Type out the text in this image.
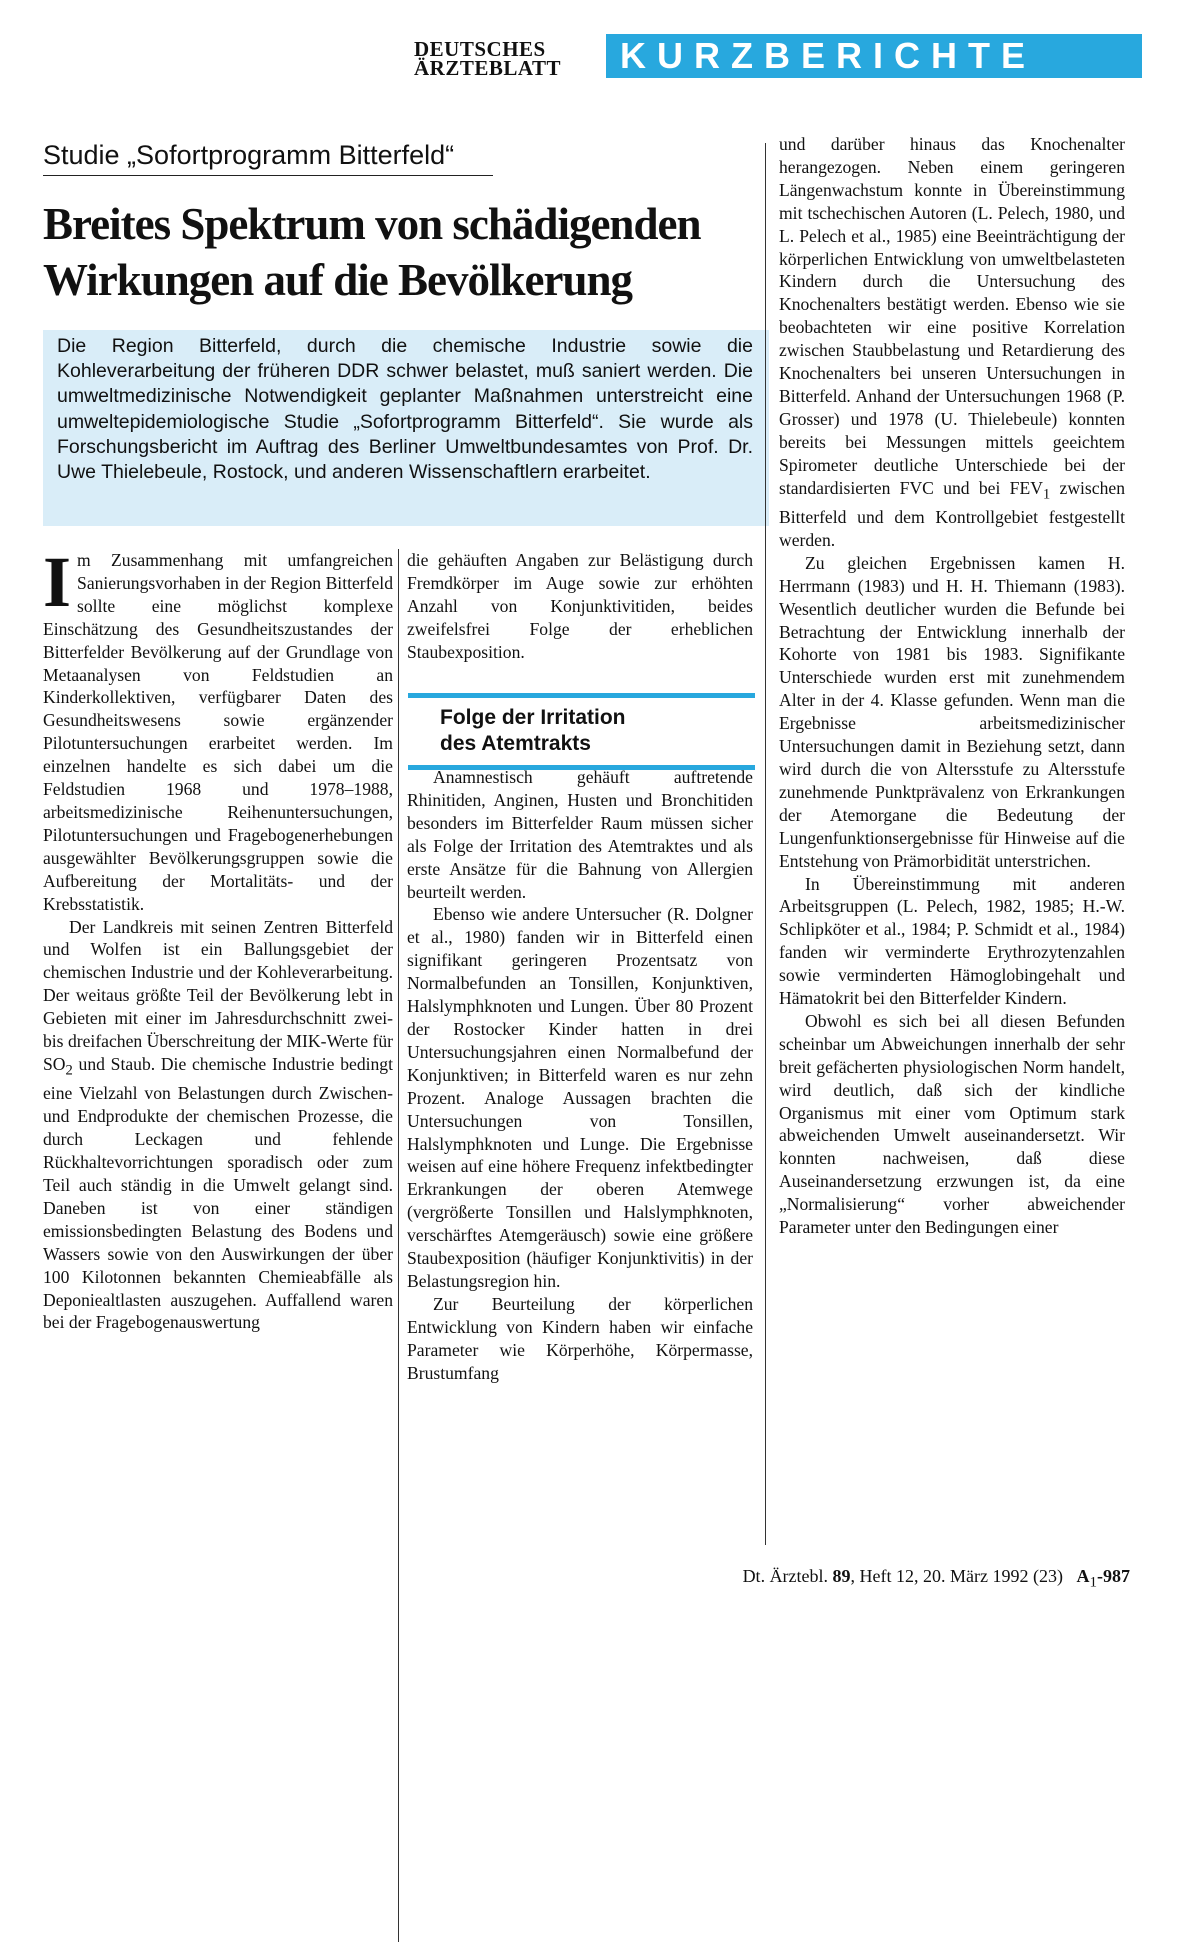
DEUTSCHES
ÄRZTEBLATT	KURZBERICHTE
Studie „Sofortprogramm Bitterfeld“
Breites Spektrum von schädigenden
Wirkungen auf die Bevölkerung
Die Region Bitterfeld, durch die chemische Industrie sowie die Kohleverarbeitung der früheren DDR schwer belastet, muß saniert werden. Die umweltmedizinische Notwendigkeit geplanter Maßnahmen unterstreicht eine umweltepidemiologische Studie „Sofortprogramm Bitterfeld“. Sie wurde als Forschungsbericht im Auftrag des Berliner Umweltbundesamtes von Prof. Dr. Uwe Thielebeule, Rostock, und anderen Wissenschaftlern erarbeitet.

Im Zusammenhang mit umfangreichen Sanierungsvorhaben in der Region Bitterfeld sollte eine möglichst komplexe Einschätzung des Gesundheitszustandes der Bitterfelder Bevölkerung auf der Grundlage von Metaanalysen von Feldstudien an Kinderkollektiven, verfügbarer Daten des Gesundheitswesens sowie ergänzender Pilotuntersuchungen erarbeitet werden. Im einzelnen handelte es sich dabei um die Feldstudien 1968 und 1978–1988, arbeitsmedizinische Reihenuntersuchungen, Pilotuntersuchungen und Fragebogenerhebungen ausgewählter Bevölkerungsgruppen sowie die Aufbereitung der Mortalitäts- und der Krebsstatistik.

Der Landkreis mit seinen Zentren Bitterfeld und Wolfen ist ein Ballungsgebiet der chemischen Industrie und der Kohleverarbeitung. Der weitaus größte Teil der Bevölkerung lebt in Gebieten mit einer im Jahresdurchschnitt zwei- bis dreifachen Überschreitung der MIK-Werte für $SO_2$ und Staub. Die chemische Industrie bedingt eine Vielzahl von Belastungen durch Zwischen- und Endprodukte der chemischen Prozesse, die durch Leckagen und fehlende Rückhaltevorrichtungen sporadisch oder zum Teil auch ständig in die Umwelt gelangt sind. Daneben ist von einer ständigen emissionsbedingten Belastung des Bodens und Wassers sowie von den Auswirkungen der über 100 Kilotonnen bekannten Chemieabfälle als Deponiealtlasten auszugehen. Auffallend waren bei der Fragebogenauswertung

die gehäuften Angaben zur Belästigung durch Fremdkörper im Auge sowie zur erhöhten Anzahl von Konjunktivitiden, beides zweifelsfrei Folge der erheblichen Staubexposition.

Folge der Irritation
des Atemtrakts

Anamnestisch gehäuft auftretende Rhinitiden, Anginen, Husten und Bronchitiden besonders im Bitterfelder Raum müssen sicher als Folge der Irritation des Atemtraktes und als erste Ansätze für die Bahnung von Allergien beurteilt werden.

Ebenso wie andere Untersucher (R. Dolgner et al., 1980) fanden wir in Bitterfeld einen signifikant geringeren Prozentsatz von Normalbefunden an Tonsillen, Konjunktiven, Halslymphknoten und Lungen. Über 80 Prozent der Rostocker Kinder hatten in drei Untersuchungsjahren einen Normalbefund der Konjunktiven; in Bitterfeld waren es nur zehn Prozent. Analoge Aussagen brachten die Untersuchungen von Tonsillen, Halslymphknoten und Lunge. Die Ergebnisse weisen auf eine höhere Frequenz infektbedingter Erkrankungen der oberen Atemwege (vergrößerte Tonsillen und Halslymphknoten, verschärftes Atemgeräusch) sowie eine größere Staubexposition (häufiger Konjunktivitis) in der Belastungsregion hin.

Zur Beurteilung der körperlichen Entwicklung von Kindern haben wir einfache Parameter wie Körperhöhe, Körpermasse, Brustumfang

und darüber hinaus das Knochenalter herangezogen. Neben einem geringeren Längenwachstum konnte in Übereinstimmung mit tschechischen Autoren (L. Pelech, 1980, und L. Pelech et al., 1985) eine Beeinträchtigung der körperlichen Entwicklung von umweltbelasteten Kindern durch die Untersuchung des Knochenalters bestätigt werden. Ebenso wie sie beobachteten wir eine positive Korrelation zwischen Staubbelastung und Retardierung des Knochenalters bei unseren Untersuchungen in Bitterfeld. Anhand der Untersuchungen 1968 (P. Grosser) und 1978 (U. Thielebeule) konnten bereits bei Messungen mittels geeichtem Spirometer deutliche Unterschiede bei der standardisierten FVC und bei $FEV_1$ zwischen Bitterfeld und dem Kontrollgebiet festgestellt werden.

Zu gleichen Ergebnissen kamen H. Herrmann (1983) und H. H. Thiemann (1983). Wesentlich deutlicher wurden die Befunde bei Betrachtung der Entwicklung innerhalb der Kohorte von 1981 bis 1983. Signifikante Unterschiede wurden erst mit zunehmendem Alter in der 4. Klasse gefunden. Wenn man die Ergebnisse arbeitsmedizinischer Untersuchungen damit in Beziehung setzt, dann wird durch die von Altersstufe zu Altersstufe zunehmende Punktprävalenz von Erkrankungen der Atemorgane die Bedeutung der Lungenfunktionsergebnisse für Hinweise auf die Entstehung von Prämorbidität unterstrichen.

In Übereinstimmung mit anderen Arbeitsgruppen (L. Pelech, 1982, 1985; H.-W. Schlipköter et al., 1984; P. Schmidt et al., 1984) fanden wir verminderte Erythrozytenzahlen sowie verminderten Hämoglobingehalt und Hämatokrit bei den Bitterfelder Kindern.

Obwohl es sich bei all diesen Befunden scheinbar um Abweichungen innerhalb der sehr breit gefächerten physiologischen Norm handelt, wird deutlich, daß sich der kindliche Organismus mit einer vom Optimum stark abweichenden Umwelt auseinandersetzt. Wir konnten nachweisen, daß diese Auseinandersetzung erzwungen ist, da eine „Normalisierung“ vorher abweichender Parameter unter den Bedingungen einer

Dt. Ärztebl. 89, Heft 12, 20. März 1992 (23) $A_1-987$
